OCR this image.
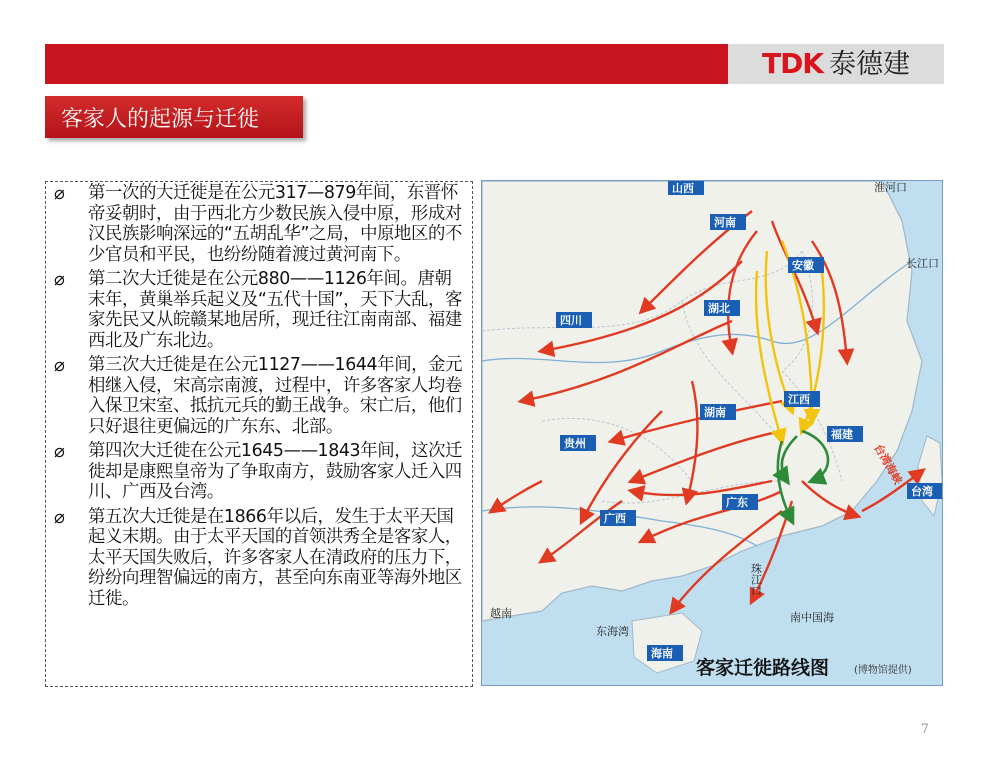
TDK 泰德建
客家人的起源与迁徙
⌀	第一次的大迁徙是在公元317—879年间，东晋怀帝妥朝时，由于西北方少数民族入侵中原，形成对汉民族影响深远的“五胡乱华”之局，中原地区的不少官员和平民，也纷纷随着渡过黄河南下。
⌀	第二次大迁徙是在公元880——1126年间。唐朝末年，黄巢举兵起义及“五代十国”，天下大乱，客家先民又从皖赣某地居所，现迁往江南南部、福建西北及广东北边。
⌀	第三次大迁徙是在公元1127——1644年间，金元相继入侵，宋高宗南渡，过程中，许多客家人均卷入保卫宋室、抵抗元兵的勤王战争。宋亡后，他们只好退往更偏远的广东东、北部。
⌀	第四次大迁徙在公元1645——1843年间，这次迁徙却是康熙皇帝为了争取南方，鼓励客家人迁入四川、广西及台湾。
⌀	第五次大迁徙是在1866年以后，发生于太平天国起义末期。由于太平天国的首领洪秀全是客家人，太平天国失败后，许多客家人在清政府的压力下，纷纷向理智偏远的南方，甚至向东南亚等海外地区迁徙。
山西
河南
安徽
湖北
四川
江西
湖南
福建
贵州
广东
广西
台湾
海南
淮河口
长江口
珠江口
越南	南中国海
东海湾
台湾海峡
客家迁徙路线图 (博物馆提供)
7
